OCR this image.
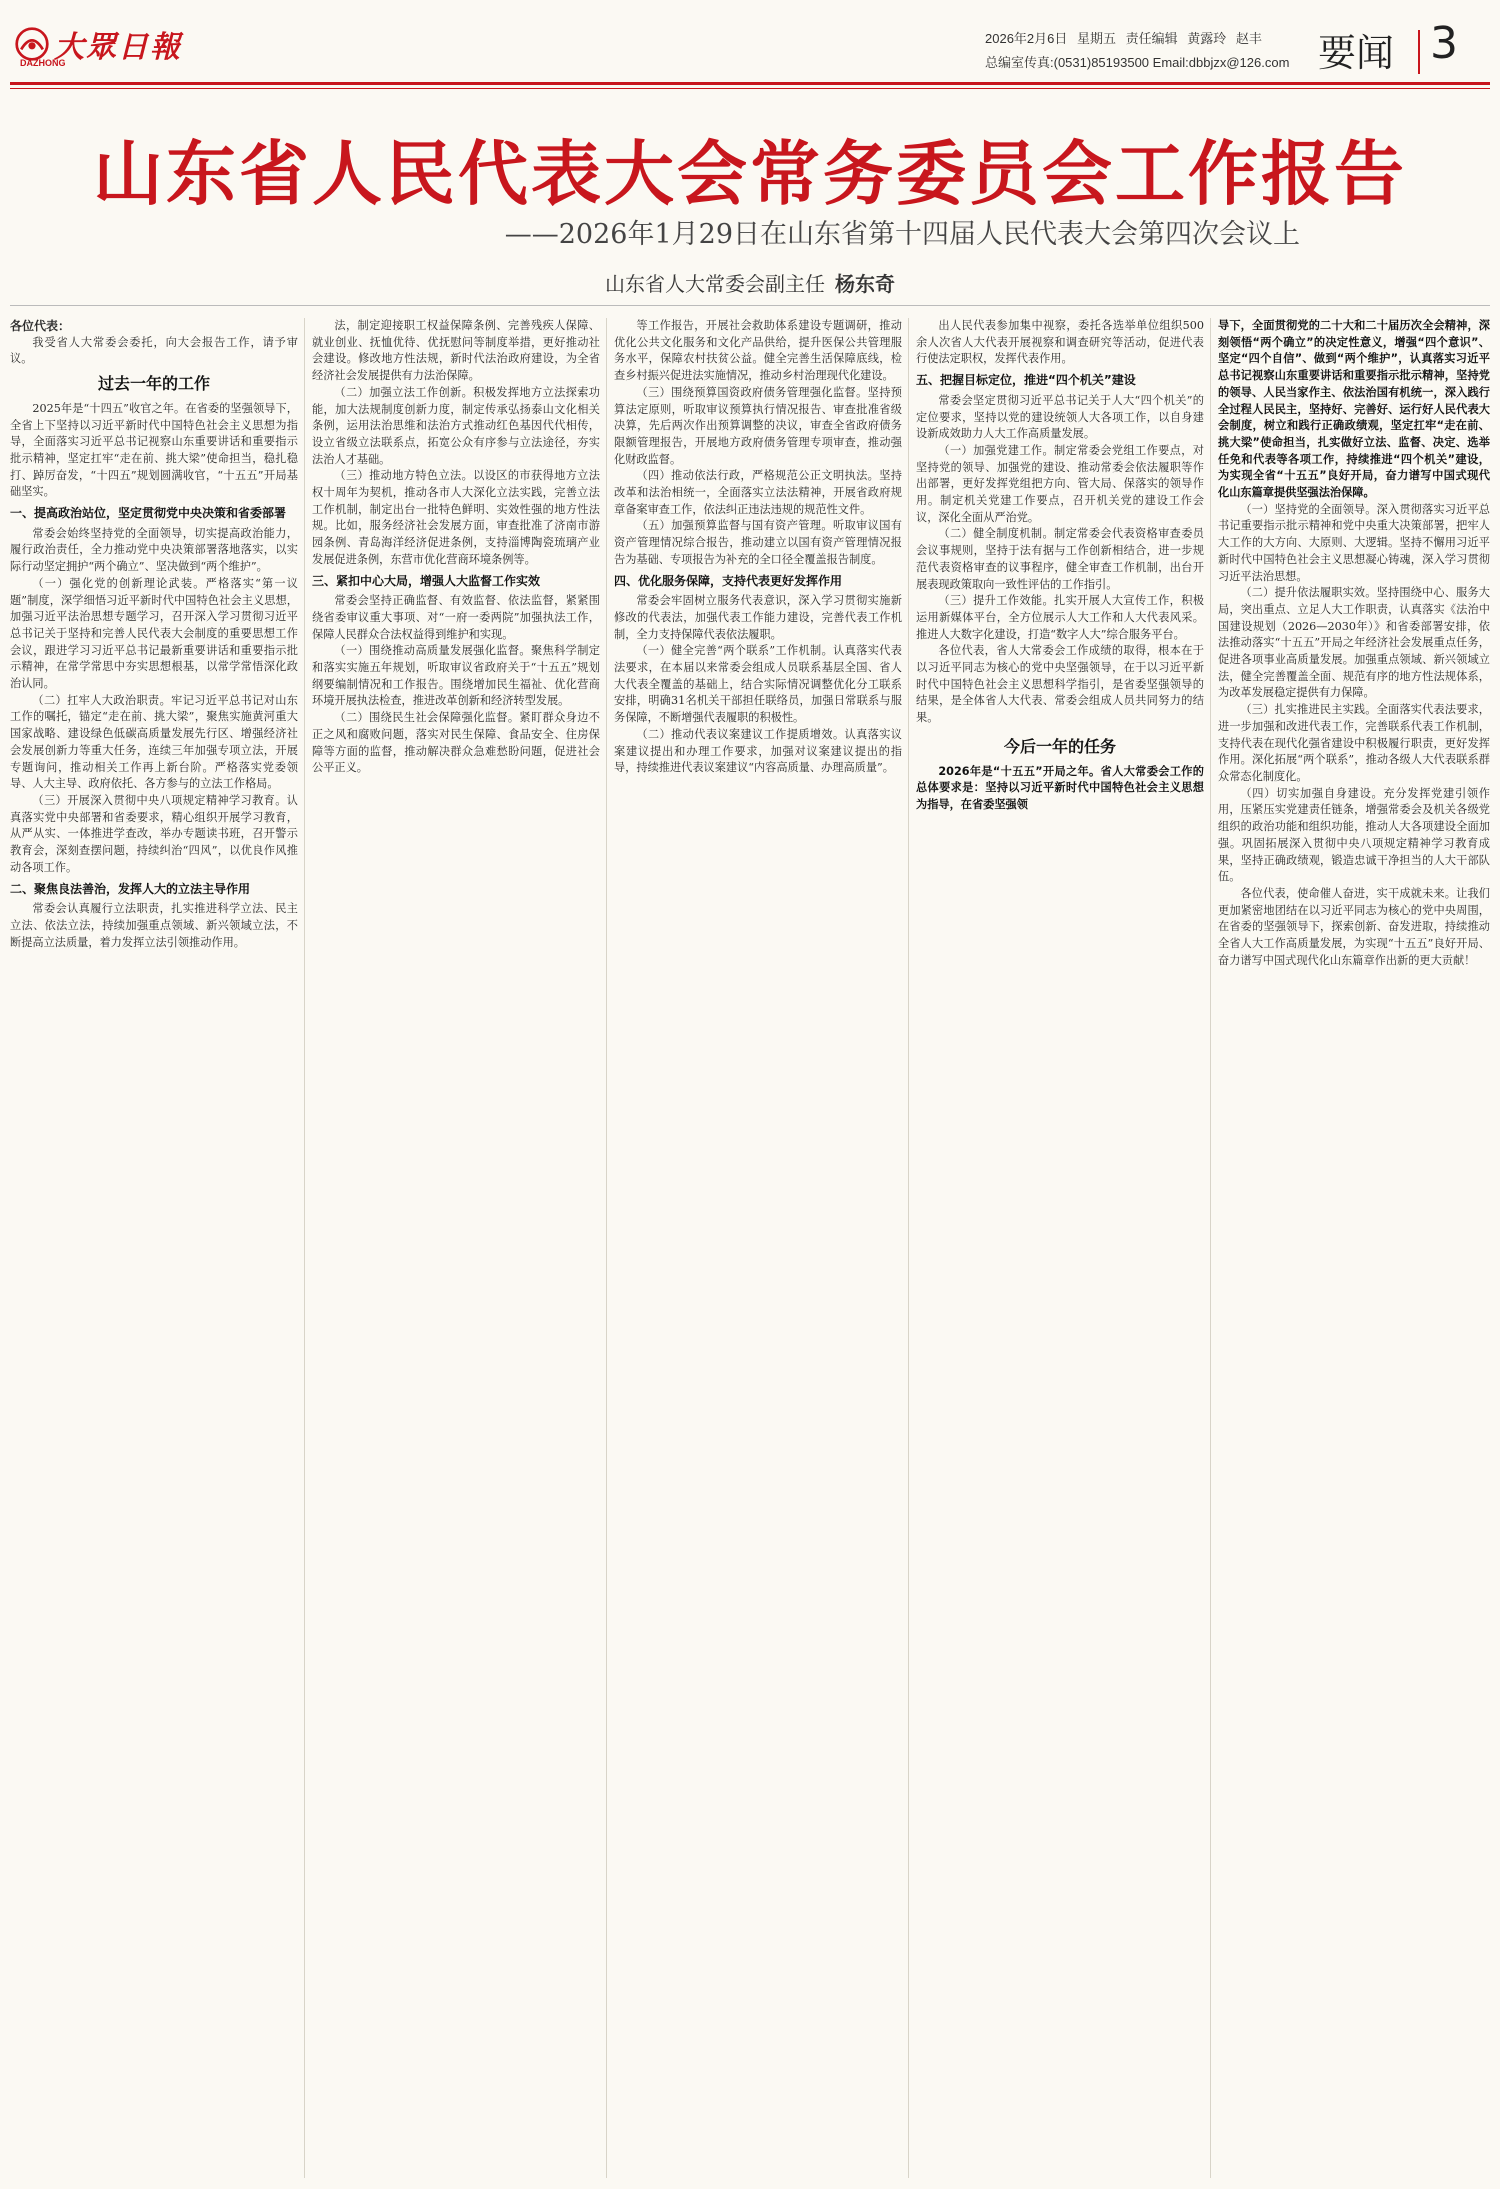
大眾日報
DAZHONG
2026年2月6日 星期五 责任编辑 黄露玲 赵丰
总编室传真:(0531)85193500 Email:dbbjzx@126.com 要闻 3
山东省人民代表大会常务委员会工作报告
——2026年1月29日在山东省第十四届人民代表大会第四次会议上
山东省人大常委会副主任 杨东奇

各位代表：

我受省人大常委会委托，向大会报告工作，请予审议。

过去一年的工作

2025年是“十四五”收官之年。在省委的坚强领导下，全省上下坚持以习近平新时代中国特色社会主义思想为指导，全面落实习近平总书记视察山东重要讲话和重要指示批示精神，坚定扛牢“走在前、挑大梁”使命担当，稳扎稳打、踔厉奋发，“十四五”规划圆满收官，“十五五”开局基础坚实。

一、提高政治站位，坚定贯彻党中央决策和省委部署

常委会始终坚持党的全面领导，切实提高政治能力，履行政治责任，全力推动党中央决策部署落地落实，以实际行动坚定拥护“两个确立”、坚决做到“两个维护”。

（一）强化党的创新理论武装。严格落实“第一议题”制度，深学细悟习近平新时代中国特色社会主义思想，加强习近平法治思想专题学习，召开深入学习贯彻习近平总书记关于坚持和完善人民代表大会制度的重要思想工作会议，跟进学习习近平总书记最新重要讲话和重要指示批示精神，在常学常思中夯实思想根基，以常学常悟深化政治认同。

（二）扛牢人大政治职责。牢记习近平总书记对山东工作的嘱托，锚定“走在前、挑大梁”，聚焦实施黄河重大国家战略、建设绿色低碳高质量发展先行区、增强经济社会发展创新力等重大任务，连续三年加强专项立法，开展专题询问，推动相关工作再上新台阶。严格落实党委领导、人大主导、政府依托、各方参与的立法工作格局。

（三）开展深入贯彻中央八项规定精神学习教育。认真落实党中央部署和省委要求，精心组织开展学习教育，从严从实、一体推进学查改，举办专题读书班，召开警示教育会，深刻查摆问题，持续纠治“四风”，以优良作风推动各项工作。

二、聚焦良法善治，发挥人大的立法主导作用

常委会认真履行立法职责，扎实推进科学立法、民主立法、依法立法，持续加强重点领域、新兴领域立法，不断提高立法质量，着力发挥立法引领推动作用。

法，制定迎接职工权益保障条例、完善残疾人保障、就业创业、抚恤优待、优抚慰问等制度举措，更好推动社会建设。修改地方性法规，新时代法治政府建设，为全省经济社会发展提供有力法治保障。

（二）加强立法工作创新。积极发挥地方立法探索功能，加大法规制度创新力度，制定传承弘扬泰山文化相关条例，运用法治思维和法治方式推动红色基因代代相传，设立省级立法联系点，拓宽公众有序参与立法途径，夯实法治人才基础。

（三）推动地方特色立法。以设区的市获得地方立法权十周年为契机，推动各市人大深化立法实践，完善立法工作机制，制定出台一批特色鲜明、实效性强的地方性法规。比如，服务经济社会发展方面，审查批准了济南市游园条例、青岛海洋经济促进条例，支持淄博陶瓷琉璃产业发展促进条例，东营市优化营商环境条例等。

三、紧扣中心大局，增强人大监督工作实效

常委会坚持正确监督、有效监督、依法监督，紧紧围绕省委审议重大事项、对“一府一委两院”加强执法工作，保障人民群众合法权益得到维护和实现。

（一）围绕推动高质量发展强化监督。聚焦科学制定和落实实施五年规划，听取审议省政府关于“十五五”规划纲要编制情况和工作报告。围绕增加民生福祉、优化营商环境开展执法检查，推进改革创新和经济转型发展。

（二）围绕民生社会保障强化监督。紧盯群众身边不正之风和腐败问题，落实对民生保障、食品安全、住房保障等方面的监督，推动解决群众急难愁盼问题，促进社会公平正义。

等工作报告，开展社会救助体系建设专题调研，推动优化公共文化服务和文化产品供给，提升医保公共管理服务水平，保障农村扶贫公益。健全完善生活保障底线，检查乡村振兴促进法实施情况，推动乡村治理现代化建设。

（三）围绕预算国资政府债务管理强化监督。坚持预算法定原则，听取审议预算执行情况报告、审查批准省级决算，先后两次作出预算调整的决议，审查全省政府债务限额管理报告，开展地方政府债务管理专项审查，推动强化财政监督。

（四）推动依法行政，严格规范公正文明执法。坚持改革和法治相统一，全面落实立法法精神，开展省政府规章备案审查工作，依法纠正违法违规的规范性文件。

（五）加强预算监督与国有资产管理。听取审议国有资产管理情况综合报告，推动建立以国有资产管理情况报告为基础、专项报告为补充的全口径全覆盖报告制度。

四、优化服务保障，支持代表更好发挥作用

常委会牢固树立服务代表意识，深入学习贯彻实施新修改的代表法，加强代表工作能力建设，完善代表工作机制，全力支持保障代表依法履职。

（一）健全完善“两个联系”工作机制。认真落实代表法要求，在本届以来常委会组成人员联系基层全国、省人大代表全覆盖的基础上，结合实际情况调整优化分工联系安排，明确31名机关干部担任联络员，加强日常联系与服务保障，不断增强代表履职的积极性。

（二）推动代表议案建议工作提质增效。认真落实议案建议提出和办理工作要求，加强对议案建议提出的指导，持续推进代表议案建议“内容高质量、办理高质量”。

出人民代表参加集中视察，委托各选举单位组织500余人次省人大代表开展视察和调查研究等活动，促进代表行使法定职权，发挥代表作用。

五、把握目标定位，推进“四个机关”建设

常委会坚定贯彻习近平总书记关于人大“四个机关”的定位要求，坚持以党的建设统领人大各项工作，以自身建设新成效助力人大工作高质量发展。

（一）加强党建工作。制定常委会党组工作要点，对坚持党的领导、加强党的建设、推动常委会依法履职等作出部署，更好发挥党组把方向、管大局、保落实的领导作用。制定机关党建工作要点，召开机关党的建设工作会议，深化全面从严治党。

（二）健全制度机制。制定常委会代表资格审查委员会议事规则，坚持于法有据与工作创新相结合，进一步规范代表资格审查的议事程序，健全审查工作机制，出台开展表现政策取向一致性评估的工作指引。

（三）提升工作效能。扎实开展人大宣传工作，积极运用新媒体平台，全方位展示人大工作和人大代表风采。推进人大数字化建设，打造“数字人大”综合服务平台。

各位代表，省人大常委会工作成绩的取得，根本在于以习近平同志为核心的党中央坚强领导，在于以习近平新时代中国特色社会主义思想科学指引，是省委坚强领导的结果，是全体省人大代表、常委会组成人员共同努力的结果。

今后一年的任务

2026年是“十五五”开局之年。省人大常委会工作的总体要求是：坚持以习近平新时代中国特色社会主义思想为指导，在省委坚强领

导下，全面贯彻党的二十大和二十届历次全会精神，深刻领悟“两个确立”的决定性意义，增强“四个意识”、坚定“四个自信”、做到“两个维护”，认真落实习近平总书记视察山东重要讲话和重要指示批示精神，坚持党的领导、人民当家作主、依法治国有机统一，深入践行全过程人民民主，坚持好、完善好、运行好人民代表大会制度，树立和践行正确政绩观，坚定扛牢“走在前、挑大梁”使命担当，扎实做好立法、监督、决定、选举任免和代表等各项工作，持续推进“四个机关”建设，为实现全省“十五五”良好开局，奋力谱写中国式现代化山东篇章提供坚强法治保障。

（一）坚持党的全面领导。深入贯彻落实习近平总书记重要指示批示精神和党中央重大决策部署，把牢人大工作的大方向、大原则、大逻辑。坚持不懈用习近平新时代中国特色社会主义思想凝心铸魂，深入学习贯彻习近平法治思想。

（二）提升依法履职实效。坚持围绕中心、服务大局，突出重点、立足人大工作职责，认真落实《法治中国建设规划（2026—2030年）》和省委部署安排，依法推动落实“十五五”开局之年经济社会发展重点任务，促进各项事业高质量发展。加强重点领域、新兴领域立法，健全完善覆盖全面、规范有序的地方性法规体系，为改革发展稳定提供有力保障。

（三）扎实推进民主实践。全面落实代表法要求，进一步加强和改进代表工作，完善联系代表工作机制，支持代表在现代化强省建设中积极履行职责，更好发挥作用。深化拓展“两个联系”，推动各级人大代表联系群众常态化制度化。

（四）切实加强自身建设。充分发挥党建引领作用，压紧压实党建责任链条，增强常委会及机关各级党组织的政治功能和组织功能，推动人大各项建设全面加强。巩固拓展深入贯彻中央八项规定精神学习教育成果，坚持正确政绩观，锻造忠诚干净担当的人大干部队伍。

各位代表，使命催人奋进，实干成就未来。让我们更加紧密地团结在以习近平同志为核心的党中央周围，在省委的坚强领导下，探索创新、奋发进取，持续推动全省人大工作高质量发展，为实现“十五五”良好开局、奋力谱写中国式现代化山东篇章作出新的更大贡献！
